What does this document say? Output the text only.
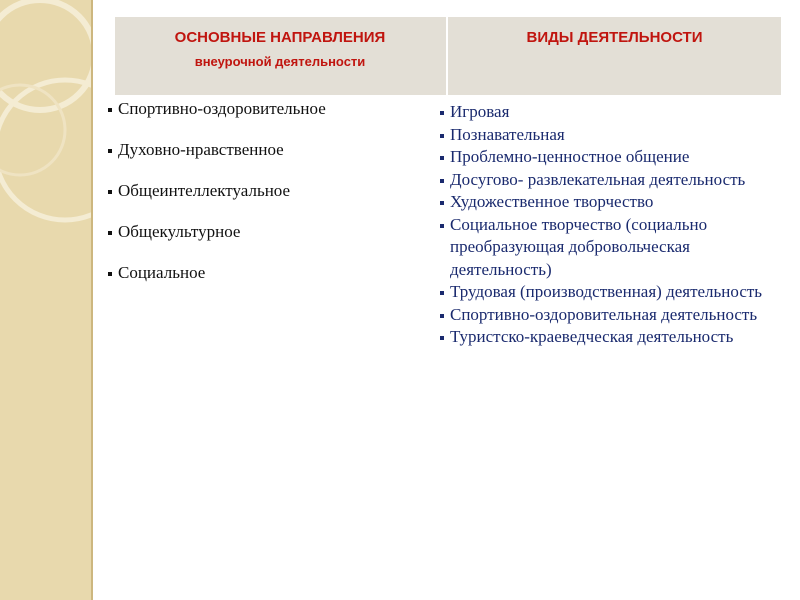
ОСНОВНЫЕ НАПРАВЛЕНИЯ
внеурочной деятельности
ВИДЫ ДЕЯТЕЛЬНОСТИ
Спортивно-оздоровительное
Духовно-нравственное
Общеинтеллектуальное
Общекультурное
Социальное
Игровая
Познавательная
Проблемно-ценностное общение
Досугово- развлекательная деятельность
Художественное творчество
Социальное творчество (социально преобразующая добровольческая деятельность)
Трудовая (производственная) деятельность
Спортивно-оздоровительная деятельность
Туристско-краеведческая деятельность
